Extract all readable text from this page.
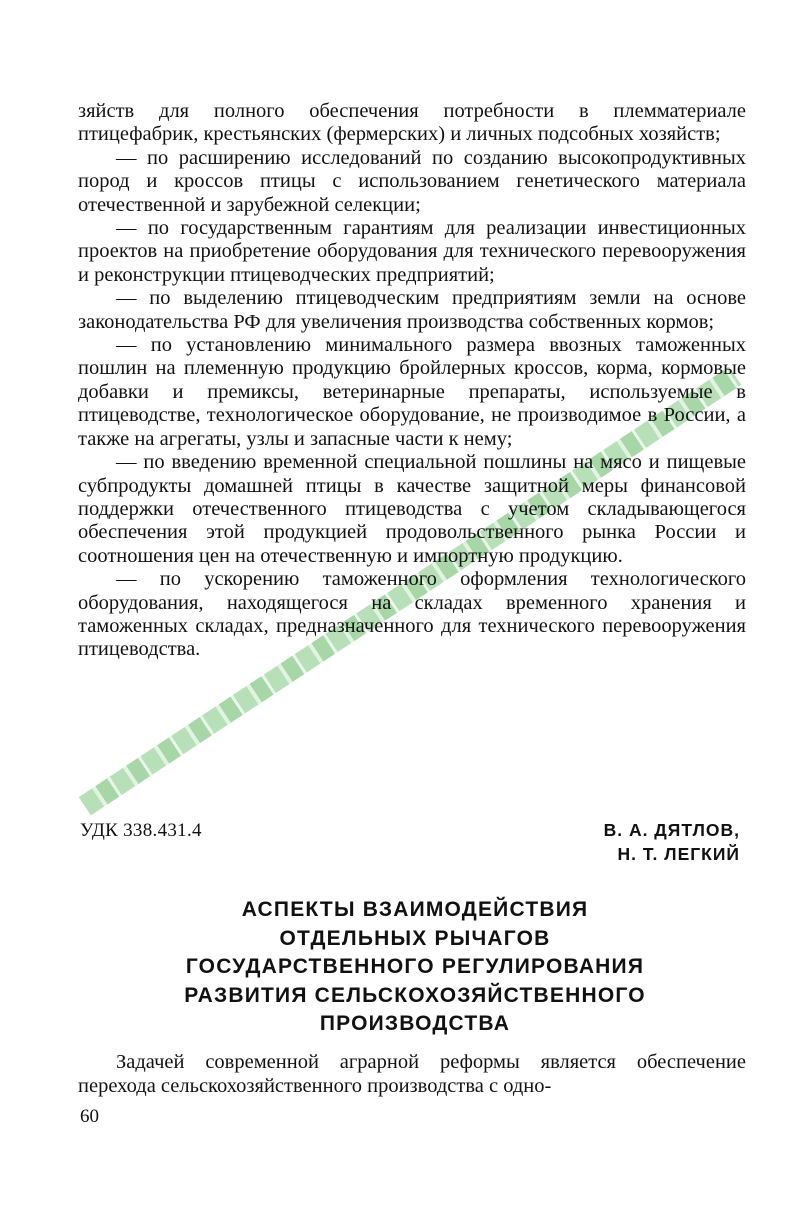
зяйств для полного обеспечения потребности в племматериале птицефабрик, крестьянских (фермерских) и личных подсобных хозяйств;

— по расширению исследований по созданию высокопродуктивных пород и кроссов птицы с использованием генетического материала отечественной и зарубежной селекции;

— по государственным гарантиям для реализации инвестиционных проектов на приобретение оборудования для технического перевооружения и реконструкции птицеводческих предприятий;

— по выделению птицеводческим предприятиям земли на основе законодательства РФ для увеличения производства собственных кормов;

— по установлению минимального размера ввозных таможенных пошлин на племенную продукцию бройлерных кроссов, корма, кормовые добавки и премиксы, ветеринарные препараты, используемые в птицеводстве, технологическое оборудование, не производимое в России, а также на агрегаты, узлы и запасные части к нему;

— по введению временной специальной пошлины на мясо и пищевые субпродукты домашней птицы в качестве защитной меры финансовой поддержки отечественного птицеводства с учетом складывающегося обеспечения этой продукцией продовольственного рынка России и соотношения цен на отечественную и импортную продукцию.

— по ускорению таможенного оформления технологического оборудования, находящегося на складах временного хранения и таможенных складах, предназначенного для технического перевооружения птицеводства.

УДК 338.431.4	В. А. ДЯТЛОВ,
Н. Т. ЛЕГКИЙ
АСПЕКТЫ ВЗАИМОДЕЙСТВИЯ
ОТДЕЛЬНЫХ РЫЧАГОВ
ГОСУДАРСТВЕННОГО РЕГУЛИРОВАНИЯ
РАЗВИТИЯ СЕЛЬСКОХОЗЯЙСТВЕННОГО
ПРОИЗВОДСТВА

Задачей современной аграрной реформы является обеспечение перехода сельскохозяйственного производства с одно-

60
